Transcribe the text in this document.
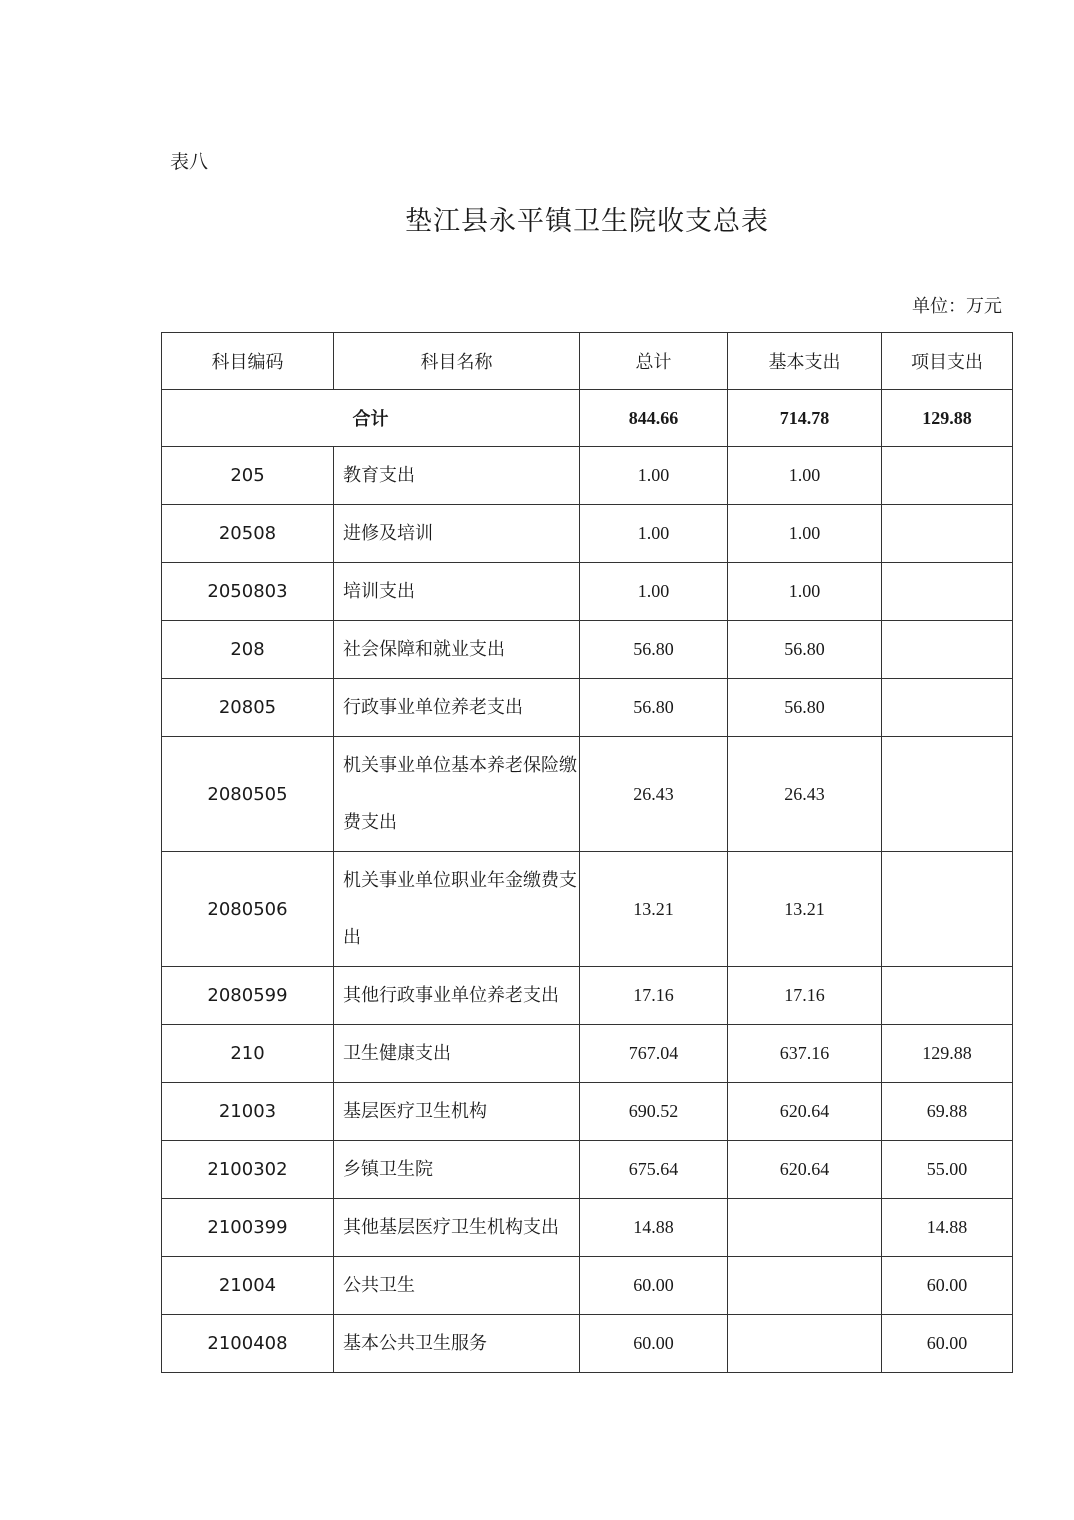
表八
垫江县永平镇卫生院收支总表
单位：万元
科目编码	科目名称	总计	基本支出	项目支出
合计		844.66	714.78	129.88
205	教育支出	1.00	1.00	
20508	进修及培训	1.00	1.00	
2050803	培训支出	1.00	1.00	
208	社会保障和就业支出	56.80	56.80	
20805	行政事业单位养老支出	56.80	56.80	
2080505	机关事业单位基本养老保险缴费支出	26.43	26.43	
2080506	机关事业单位职业年金缴费支出	13.21	13.21	
2080599	其他行政事业单位养老支出	17.16	17.16	
210	卫生健康支出	767.04	637.16	129.88
21003	基层医疗卫生机构	690.52	620.64	69.88
2100302	乡镇卫生院	675.64	620.64	55.00
2100399	其他基层医疗卫生机构支出	14.88		14.88
21004	公共卫生	60.00		60.00
2100408	基本公共卫生服务	60.00		60.00
